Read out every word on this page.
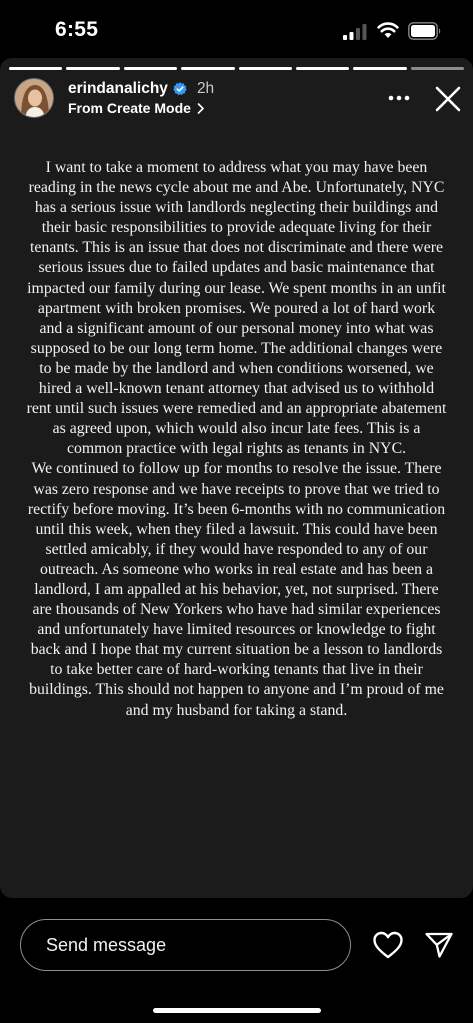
6:55
erindanalichy 2h
From Create Mode

I want to take a moment to address what you may have been reading in the news cycle about me and Abe. Unfortunately, NYC has a serious issue with landlords neglecting their buildings and their basic responsibilities to provide adequate living for their tenants. This is an issue that does not discriminate and there were serious issues due to failed updates and basic maintenance that impacted our family during our lease. We spent months in an unfit apartment with broken promises. We poured a lot of hard work and a significant amount of our personal money into what was supposed to be our long term home. The additional changes were to be made by the landlord and when conditions worsened, we hired a well-known tenant attorney that advised us to withhold rent until such issues were remedied and an appropriate abatement as agreed upon, which would also incur late fees. This is a common practice with legal rights as tenants in NYC.

We continued to follow up for months to resolve the issue. There was zero response and we have receipts to prove that we tried to rectify before moving. It’s been 6-months with no communication until this week, when they filed a lawsuit. This could have been settled amicably, if they would have responded to any of our outreach. As someone who works in real estate and has been a landlord, I am appalled at his behavior, yet, not surprised. There are thousands of New Yorkers who have had similar experiences and unfortunately have limited resources or knowledge to fight back and I hope that my current situation be a lesson to landlords to take better care of hard-working tenants that live in their buildings. This should not happen to anyone and I’m proud of me and my husband for taking a stand.

Send message
